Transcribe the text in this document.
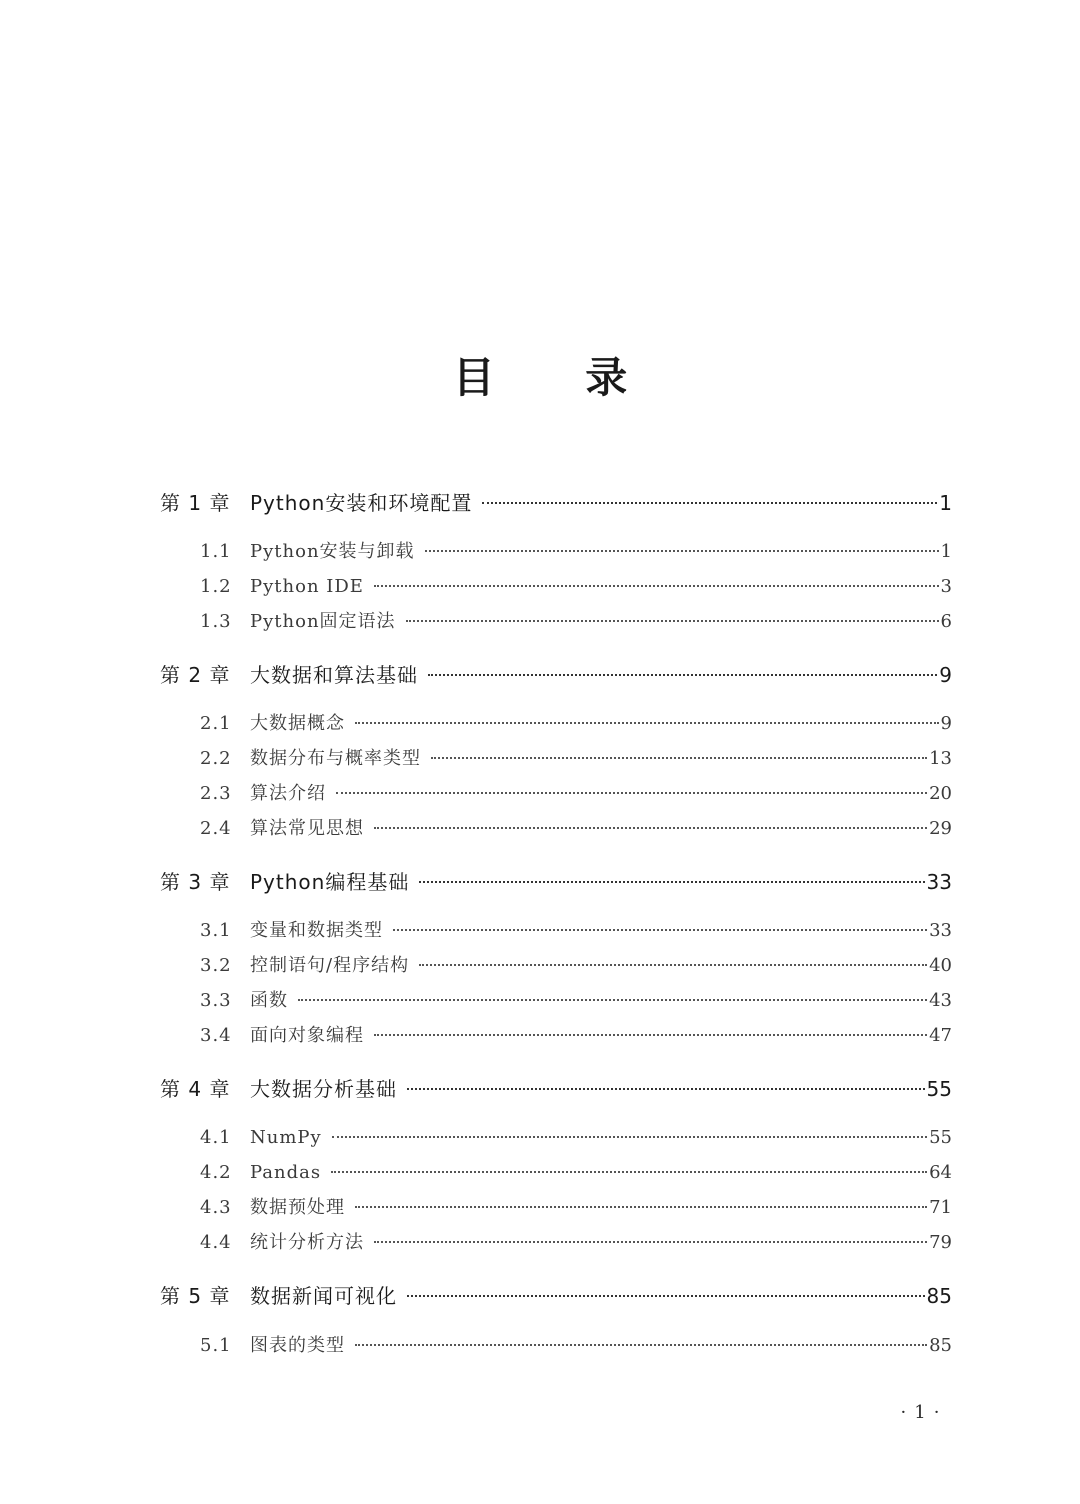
目 录
第 1 章 Python安装和环境配置	1
1.1	Python安装与卸载	1
1.2	Python IDE	3
1.3	Python固定语法	6
第 2 章 大数据和算法基础	9
2.1	大数据概念	9
2.2	数据分布与概率类型	13
2.3	算法介绍	20
2.4	算法常见思想	29
第 3 章 Python编程基础	33
3.1	变量和数据类型	33
3.2	控制语句/程序结构	40
3.3	函数	43
3.4	面向对象编程	47
第 4 章 大数据分析基础	55
4.1	NumPy	55
4.2	Pandas	64
4.3	数据预处理	71
4.4	统计分析方法	79
第 5 章 数据新闻可视化	85
5.1	图表的类型	85
· 1 ·
